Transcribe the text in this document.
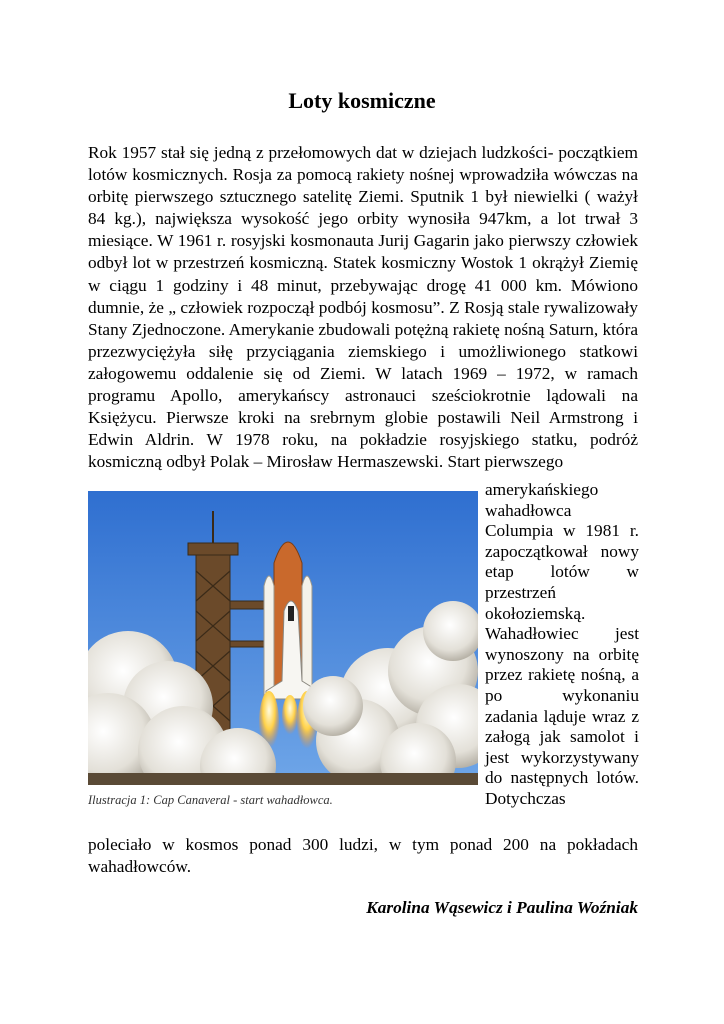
Loty kosmiczne

Rok 1957 stał się jedną z przełomowych dat w dziejach ludzkości- początkiem lotów kosmicznych. Rosja za pomocą rakiety nośnej wprowadziła wówczas na orbitę pierwszego sztucznego satelitę Ziemi. Sputnik 1 był niewielki ( ważył 84 kg.), największa wysokość jego orbity wynosiła 947km, a lot trwał 3 miesiące. W 1961 r. rosyjski kosmonauta Jurij Gagarin jako pierwszy człowiek odbył lot w przestrzeń kosmiczną. Statek kosmiczny Wostok 1 okrążył Ziemię w ciągu 1 godziny i 48 minut, przebywając drogę 41 000 km. Mówiono dumnie, że „ człowiek rozpoczął podbój kosmosu”. Z Rosją stale rywalizowały Stany Zjednoczone. Amerykanie zbudowali potężną rakietę nośną Saturn, która przezwyciężyła siłę przyciągania ziemskiego i umożliwionego statkowi załogowemu oddalenie się od Ziemi. W latach 1969 – 1972, w ramach programu Apollo, amerykańscy astronauci sześciokrotnie lądowali na Księżycu. Pierwsze kroki na srebrnym globie postawili Neil Armstrong i Edwin Aldrin. W 1978 roku, na pokładzie rosyjskiego statku, podróż kosmiczną odbył Polak – Mirosław Hermaszewski. Start pierwszego

Ilustracja 1: Cap Canaveral - start wahadłowca.

amerykańskiego wahadłowca Columpia w 1981 r. zapoczątkował nowy etap lotów w przestrzeń okołoziemską. Wahadłowiec jest wynoszony na orbitę przez rakietę nośną, a po wykonaniu zadania ląduje wraz z załogą jak samolot i jest wykorzystywany do następnych lotów. Dotychczas

poleciało w kosmos ponad 300 ludzi, w tym ponad 200 na pokładach wahadłowców.

Karolina Wąsewicz i Paulina Woźniak
